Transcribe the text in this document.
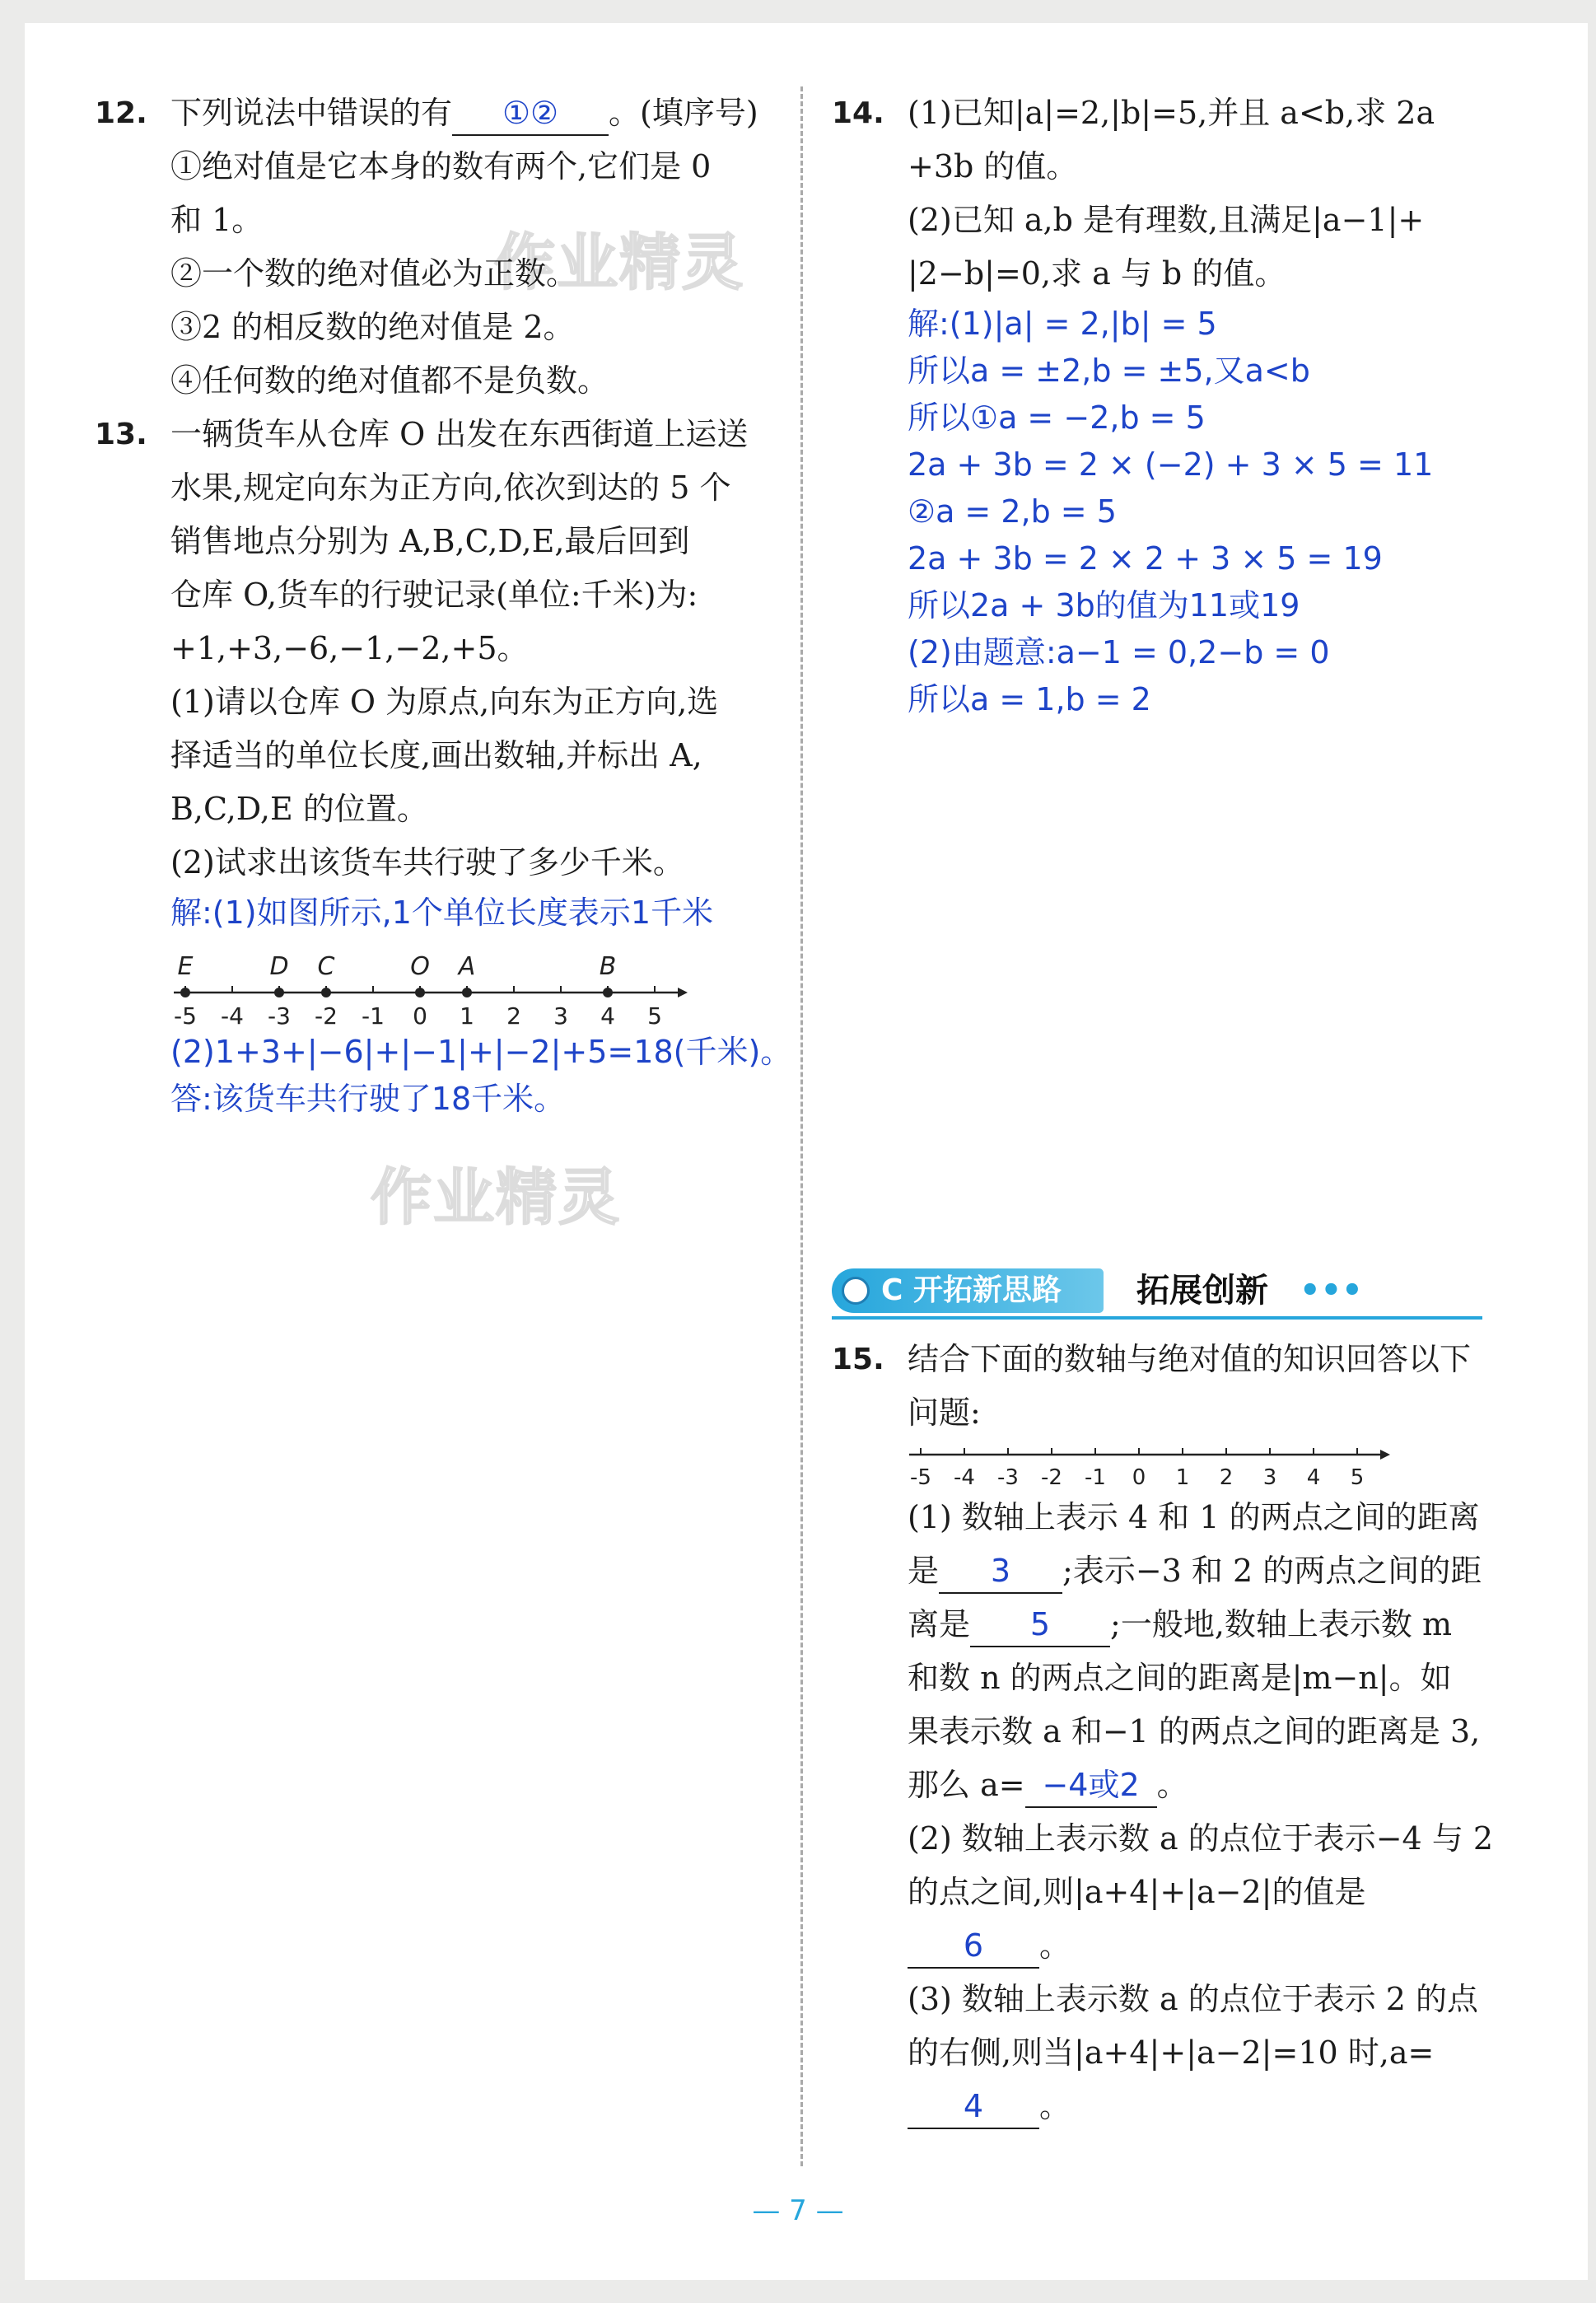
作业精灵
作业精灵
12. 下列说法中错误的有 ①② 。(填序号)
①绝对值是它本身的数有两个,它们是 0
和 1。
②一个数的绝对值必为正数。
③2 的相反数的绝对值是 2。
④任何数的绝对值都不是负数。
13. 一辆货车从仓库 O 出发在东西街道上运送
水果,规定向东为正方向,依次到达的 5 个
销售地点分别为 A,B,C,D,E,最后回到
仓库 O,货车的行驶记录(单位:千米)为:
+1,+3,−6,−1,−2,+5。
(1)请以仓库 O 为原点,向东为正方向,选
择适当的单位长度,画出数轴,并标出 A,
B,C,D,E 的位置。
(2)试求出该货车共行驶了多少千米。
解:(1)如图所示,1个单位长度表示1千米
-5 -4 -3 -2 -1 0 1 2 3 4 5
E	D C	O A	B
(2)1+3+|−6|+|−1|+|−2|+5=18(千米)。
答:该货车共行驶了18千米。
14. (1)已知|a|=2,|b|=5,并且 a<b,求 2a
+3b 的值。
(2)已知 a,b 是有理数,且满足|a−1|+
|2−b|=0,求 a 与 b 的值。
解:(1)|a| = 2,|b| = 5
所以a = ±2,b = ±5,又a<b
所以①a = −2,b = 5
2a + 3b = 2 × (−2) + 3 × 5 = 11
②a = 2,b = 5
2a + 3b = 2 × 2 + 3 × 5 = 19
所以2a + 3b的值为11或19
(2)由题意:a−1 = 0,2−b = 0
所以a = 1,b = 2
C 开拓新思路	拓展创新 •••
15. 结合下面的数轴与绝对值的知识回答以下
问题:
-5 -4 -3 -2 -1 0 1 2 3 4 5
(1) 数轴上表示 4 和 1 的两点之间的距离
是 3 ;表示−3 和 2 的两点之间的距
离是 5 ;一般地,数轴上表示数 m
和数 n 的两点之间的距离是|m−n|。如
果表示数 a 和−1 的两点之间的距离是 3,
那么 a= −4或2 。
(2) 数轴上表示数 a 的点位于表示−4 与 2
的点之间,则|a+4|+|a−2|的值是
6 。
(3) 数轴上表示数 a 的点位于表示 2 的点
的右侧,则当|a+4|+|a−2|=10 时,a=
4 。
— 7 —
